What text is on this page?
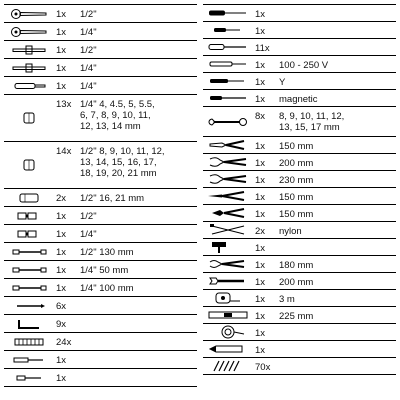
1x	1/2"
1x	1/4"
1x	1/2"
1x	1/4"
1x	1/4"
13x 1/4" 4, 4.5, 5, 5.5,
6, 7, 8, 9, 10, 11,
12, 13, 14 mm
14x 1/2" 8, 9, 10, 11, 12,
13, 14, 15, 16, 17,
18, 19, 20, 21 mm
2x	1/2" 16, 21 mm
1x	1/2"
1x	1/4"
1x	1/2" 130 mm
1x	1/4" 50 mm
1x	1/4" 100 mm
6x
9x
24x
1x
1x
1x
1x
11x
1x	100 - 250 V
1x	Y
1x	magnetic
8x	8, 9, 10, 11, 12,
13, 15, 17 mm
1x	150 mm
1x	200 mm
1x	230 mm
1x	150 mm
1x	150 mm
2x	nylon
1x
1x	180 mm
1x	200 mm
1x	3 m
1x	225 mm
1x
1x
70x
